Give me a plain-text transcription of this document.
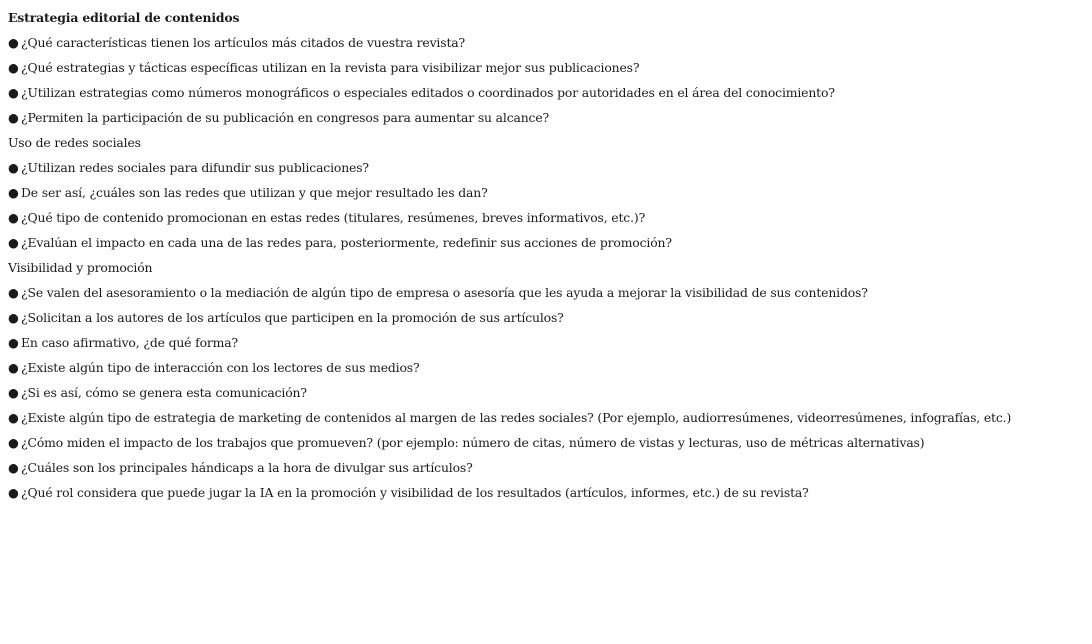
Estrategia editorial de contenidos
● ¿Qué características tienen los artículos más citados de vuestra revista?
● ¿Qué estrategias y tácticas específicas utilizan en la revista para visibilizar mejor sus publicaciones?
● ¿Utilizan estrategias como números monográficos o especiales editados o coordinados por autoridades en el área del conocimiento?
● ¿Permiten la participación de su publicación en congresos para aumentar su alcance?
Uso de redes sociales
● ¿Utilizan redes sociales para difundir sus publicaciones?
● De ser así, ¿cuáles son las redes que utilizan y que mejor resultado les dan?
● ¿Qué tipo de contenido promocionan en estas redes (titulares, resúmenes, breves informativos, etc.)?
● ¿Evalúan el impacto en cada una de las redes para, posteriormente, redefinir sus acciones de promoción?
Visibilidad y promoción
● ¿Se valen del asesoramiento o la mediación de algún tipo de empresa o asesoría que les ayuda a mejorar la visibilidad de sus contenidos?
● ¿Solicitan a los autores de los artículos que participen en la promoción de sus artículos?
● En caso afirmativo, ¿de qué forma?
● ¿Existe algún tipo de interacción con los lectores de sus medios?
● ¿Si es así, cómo se genera esta comunicación?
● ¿Existe algún tipo de estrategia de marketing de contenidos al margen de las redes sociales? (Por ejemplo, audiorresúmenes, videorresúmenes, infografías, etc.)
● ¿Cómo miden el impacto de los trabajos que promueven? (por ejemplo: número de citas, número de vistas y lecturas, uso de métricas alternativas)
● ¿Cuáles son los principales hándicaps a la hora de divulgar sus artículos?
● ¿Qué rol considera que puede jugar la IA en la promoción y visibilidad de los resultados (artículos, informes, etc.) de su revista?
